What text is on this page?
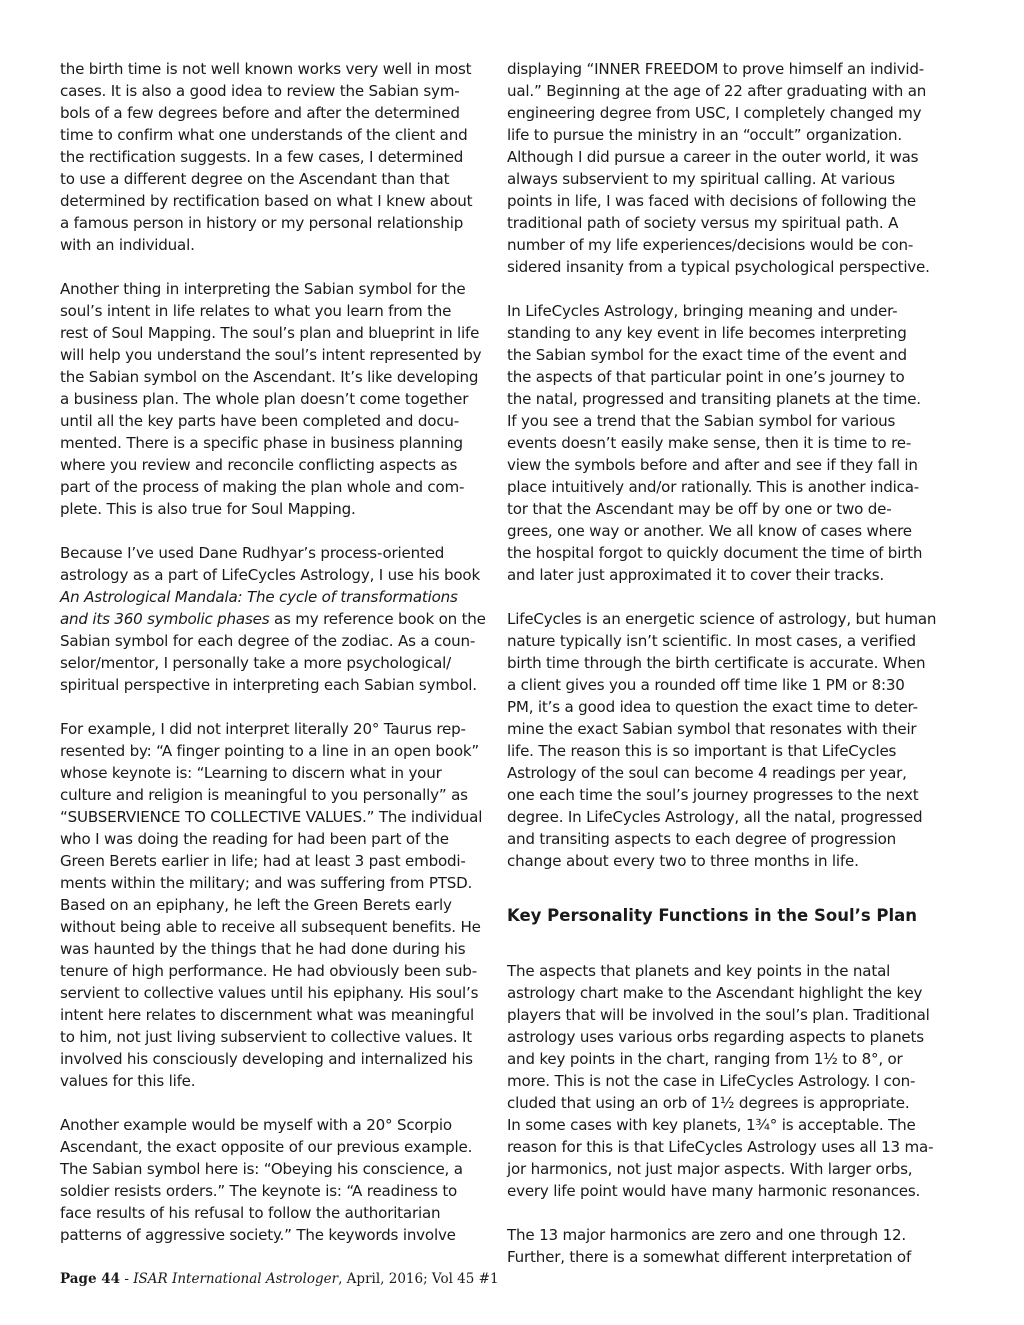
the birth time is not well known works very well in most
cases. It is also a good idea to review the Sabian sym-
bols of a few degrees before and after the determined
time to confirm what one understands of the client and
the rectification suggests. In a few cases, I determined
to use a different degree on the Ascendant than that
determined by rectification based on what I knew about
a famous person in history or my personal relationship
with an individual.
Another thing in interpreting the Sabian symbol for the
soul’s intent in life relates to what you learn from the
rest of Soul Mapping. The soul’s plan and blueprint in life
will help you understand the soul’s intent represented by
the Sabian symbol on the Ascendant. It’s like developing
a business plan. The whole plan doesn’t come together
until all the key parts have been completed and docu-
mented. There is a specific phase in business planning
where you review and reconcile conflicting aspects as
part of the process of making the plan whole and com-
plete. This is also true for Soul Mapping.
Because I’ve used Dane Rudhyar’s process-oriented
astrology as a part of LifeCycles Astrology, I use his book
An Astrological Mandala: The cycle of transformations
and its 360 symbolic phases as my reference book on the
Sabian symbol for each degree of the zodiac. As a coun-
selor/mentor, I personally take a more psychological/
spiritual perspective in interpreting each Sabian symbol.
For example, I did not interpret literally 20° Taurus rep-
resented by: “A finger pointing to a line in an open book”
whose keynote is: “Learning to discern what in your
culture and religion is meaningful to you personally” as
“SUBSERVIENCE TO COLLECTIVE VALUES.” The individual
who I was doing the reading for had been part of the
Green Berets earlier in life; had at least 3 past embodi-
ments within the military; and was suffering from PTSD.
Based on an epiphany, he left the Green Berets early
without being able to receive all subsequent benefits. He
was haunted by the things that he had done during his
tenure of high performance. He had obviously been sub-
servient to collective values until his epiphany. His soul’s
intent here relates to discernment what was meaningful
to him, not just living subservient to collective values. It
involved his consciously developing and internalized his
values for this life.
Another example would be myself with a 20° Scorpio
Ascendant, the exact opposite of our previous example.
The Sabian symbol here is: “Obeying his conscience, a
soldier resists orders.” The keynote is: “A readiness to
face results of his refusal to follow the authoritarian
patterns of aggressive society.” The keywords involve
displaying “INNER FREEDOM to prove himself an individ-
ual.” Beginning at the age of 22 after graduating with an
engineering degree from USC, I completely changed my
life to pursue the ministry in an “occult” organization.
Although I did pursue a career in the outer world, it was
always subservient to my spiritual calling. At various
points in life, I was faced with decisions of following the
traditional path of society versus my spiritual path. A
number of my life experiences/decisions would be con-
sidered insanity from a typical psychological perspective.
In LifeCycles Astrology, bringing meaning and under-
standing to any key event in life becomes interpreting
the Sabian symbol for the exact time of the event and
the aspects of that particular point in one’s journey to
the natal, progressed and transiting planets at the time.
If you see a trend that the Sabian symbol for various
events doesn’t easily make sense, then it is time to re-
view the symbols before and after and see if they fall in
place intuitively and/or rationally. This is another indica-
tor that the Ascendant may be off by one or two de-
grees, one way or another. We all know of cases where
the hospital forgot to quickly document the time of birth
and later just approximated it to cover their tracks.
LifeCycles is an energetic science of astrology, but human
nature typically isn’t scientific. In most cases, a verified
birth time through the birth certificate is accurate. When
a client gives you a rounded off time like 1 PM or 8:30
PM, it’s a good idea to question the exact time to deter-
mine the exact Sabian symbol that resonates with their
life. The reason this is so important is that LifeCycles
Astrology of the soul can become 4 readings per year,
one each time the soul’s journey progresses to the next
degree. In LifeCycles Astrology, all the natal, progressed
and transiting aspects to each degree of progression
change about every two to three months in life.
Key Personality Functions in the Soul’s Plan
The aspects that planets and key points in the natal
astrology chart make to the Ascendant highlight the key
players that will be involved in the soul’s plan. Traditional
astrology uses various orbs regarding aspects to planets
and key points in the chart, ranging from 1½ to 8°, or
more. This is not the case in LifeCycles Astrology. I con-
cluded that using an orb of 1½ degrees is appropriate.
In some cases with key planets, 1¾° is acceptable. The
reason for this is that LifeCycles Astrology uses all 13 ma-
jor harmonics, not just major aspects. With larger orbs,
every life point would have many harmonic resonances.
The 13 major harmonics are zero and one through 12.
Further, there is a somewhat different interpretation of
Page 44 - ISAR International Astrologer, April, 2016; Vol 45 #1
